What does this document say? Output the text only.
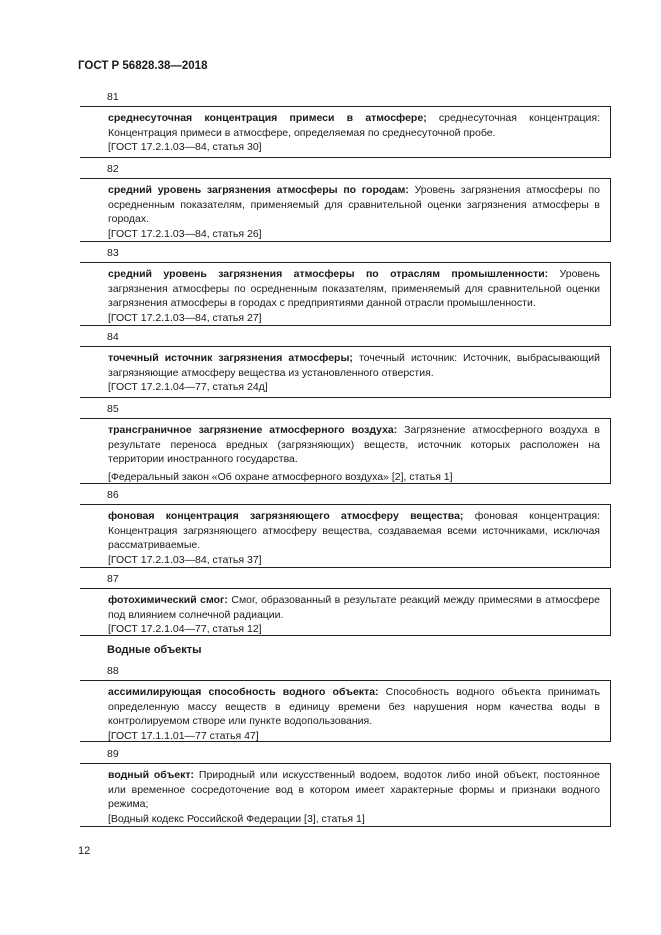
ГОСТ Р 56828.38—2018
81
среднесуточная концентрация примеси в атмосфере; среднесуточная концентрация: Концентрация примеси в атмосфере, определяемая по среднесуточной пробе.
[ГОСТ 17.2.1.03—84, статья 30]
82
средний уровень загрязнения атмосферы по городам: Уровень загрязнения атмосферы по осредненным показателям, применяемый для сравнительной оценки загрязнения атмосферы в городах.
[ГОСТ 17.2.1.03—84, статья 26]
83
средний уровень загрязнения атмосферы по отраслям промышленности: Уровень загрязнения атмосферы по осредненным показателям, применяемый для сравнительной оценки загрязнения атмосферы в городах с предприятиями данной отрасли промышленности.
[ГОСТ 17.2.1.03—84, статья 27]
84
точечный источник загрязнения атмосферы; точечный источник: Источник, выбрасывающий загрязняющие атмосферу вещества из установленного отверстия.
[ГОСТ 17.2.1.04—77, статья 24д]
85
трансграничное загрязнение атмосферного воздуха: Загрязнение атмосферного воздуха в результате переноса вредных (загрязняющих) веществ, источник которых расположен на территории иностранного государства.
[Федеральный закон «Об охране атмосферного воздуха» [2], статья 1]
86
фоновая концентрация загрязняющего атмосферу вещества; фоновая концентрация: Концентрация загрязняющего атмосферу вещества, создаваемая всеми источниками, исключая рассматриваемые.
[ГОСТ 17.2.1.03—84, статья 37]
87
фотохимический смог: Смог, образованный в результате реакций между примесями в атмосфере под влиянием солнечной радиации.
[ГОСТ 17.2.1.04—77, статья 12]
Водные объекты
88
ассимилирующая способность водного объекта: Способность водного объекта принимать определенную массу веществ в единицу времени без нарушения норм качества воды в контролируемом створе или пункте водопользования.
[ГОСТ 17.1.1.01—77 статья 47]
89
водный объект: Природный или искусственный водоем, водоток либо иной объект, постоянное или временное сосредоточение вод в котором имеет характерные формы и признаки водного режима;
[Водный кодекс Российской Федерации [3], статья 1]
12
